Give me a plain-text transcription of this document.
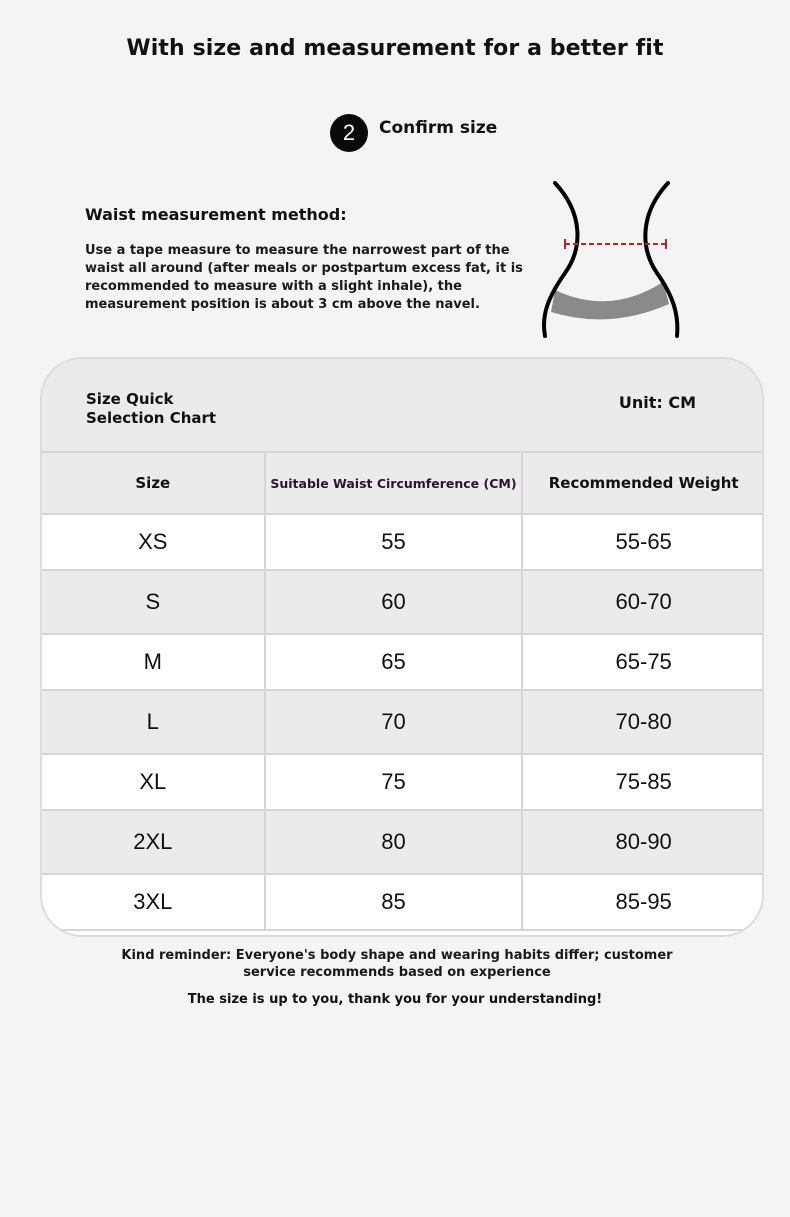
With size and measurement for a better fit
2	Confirm size
Waist measurement method:
Use a tape measure to measure the narrowest part of the waist all around (after meals or postpartum excess fat, it is recommended to measure with a slight inhale), the measurement position is about 3 cm above the navel.
Size Quick Selection Chart
Unit: CM
Size	Suitable Waist Circumference (CM)	Recommended Weight
XS	55	55-65
S	60	60-70
M	65	65-75
L	70	70-80
XL	75	75-85
2XL	80	80-90
3XL	85	85-95
Kind reminder: Everyone's body shape and wearing habits differ; customer service recommends based on experience
The size is up to you, thank you for your understanding!
